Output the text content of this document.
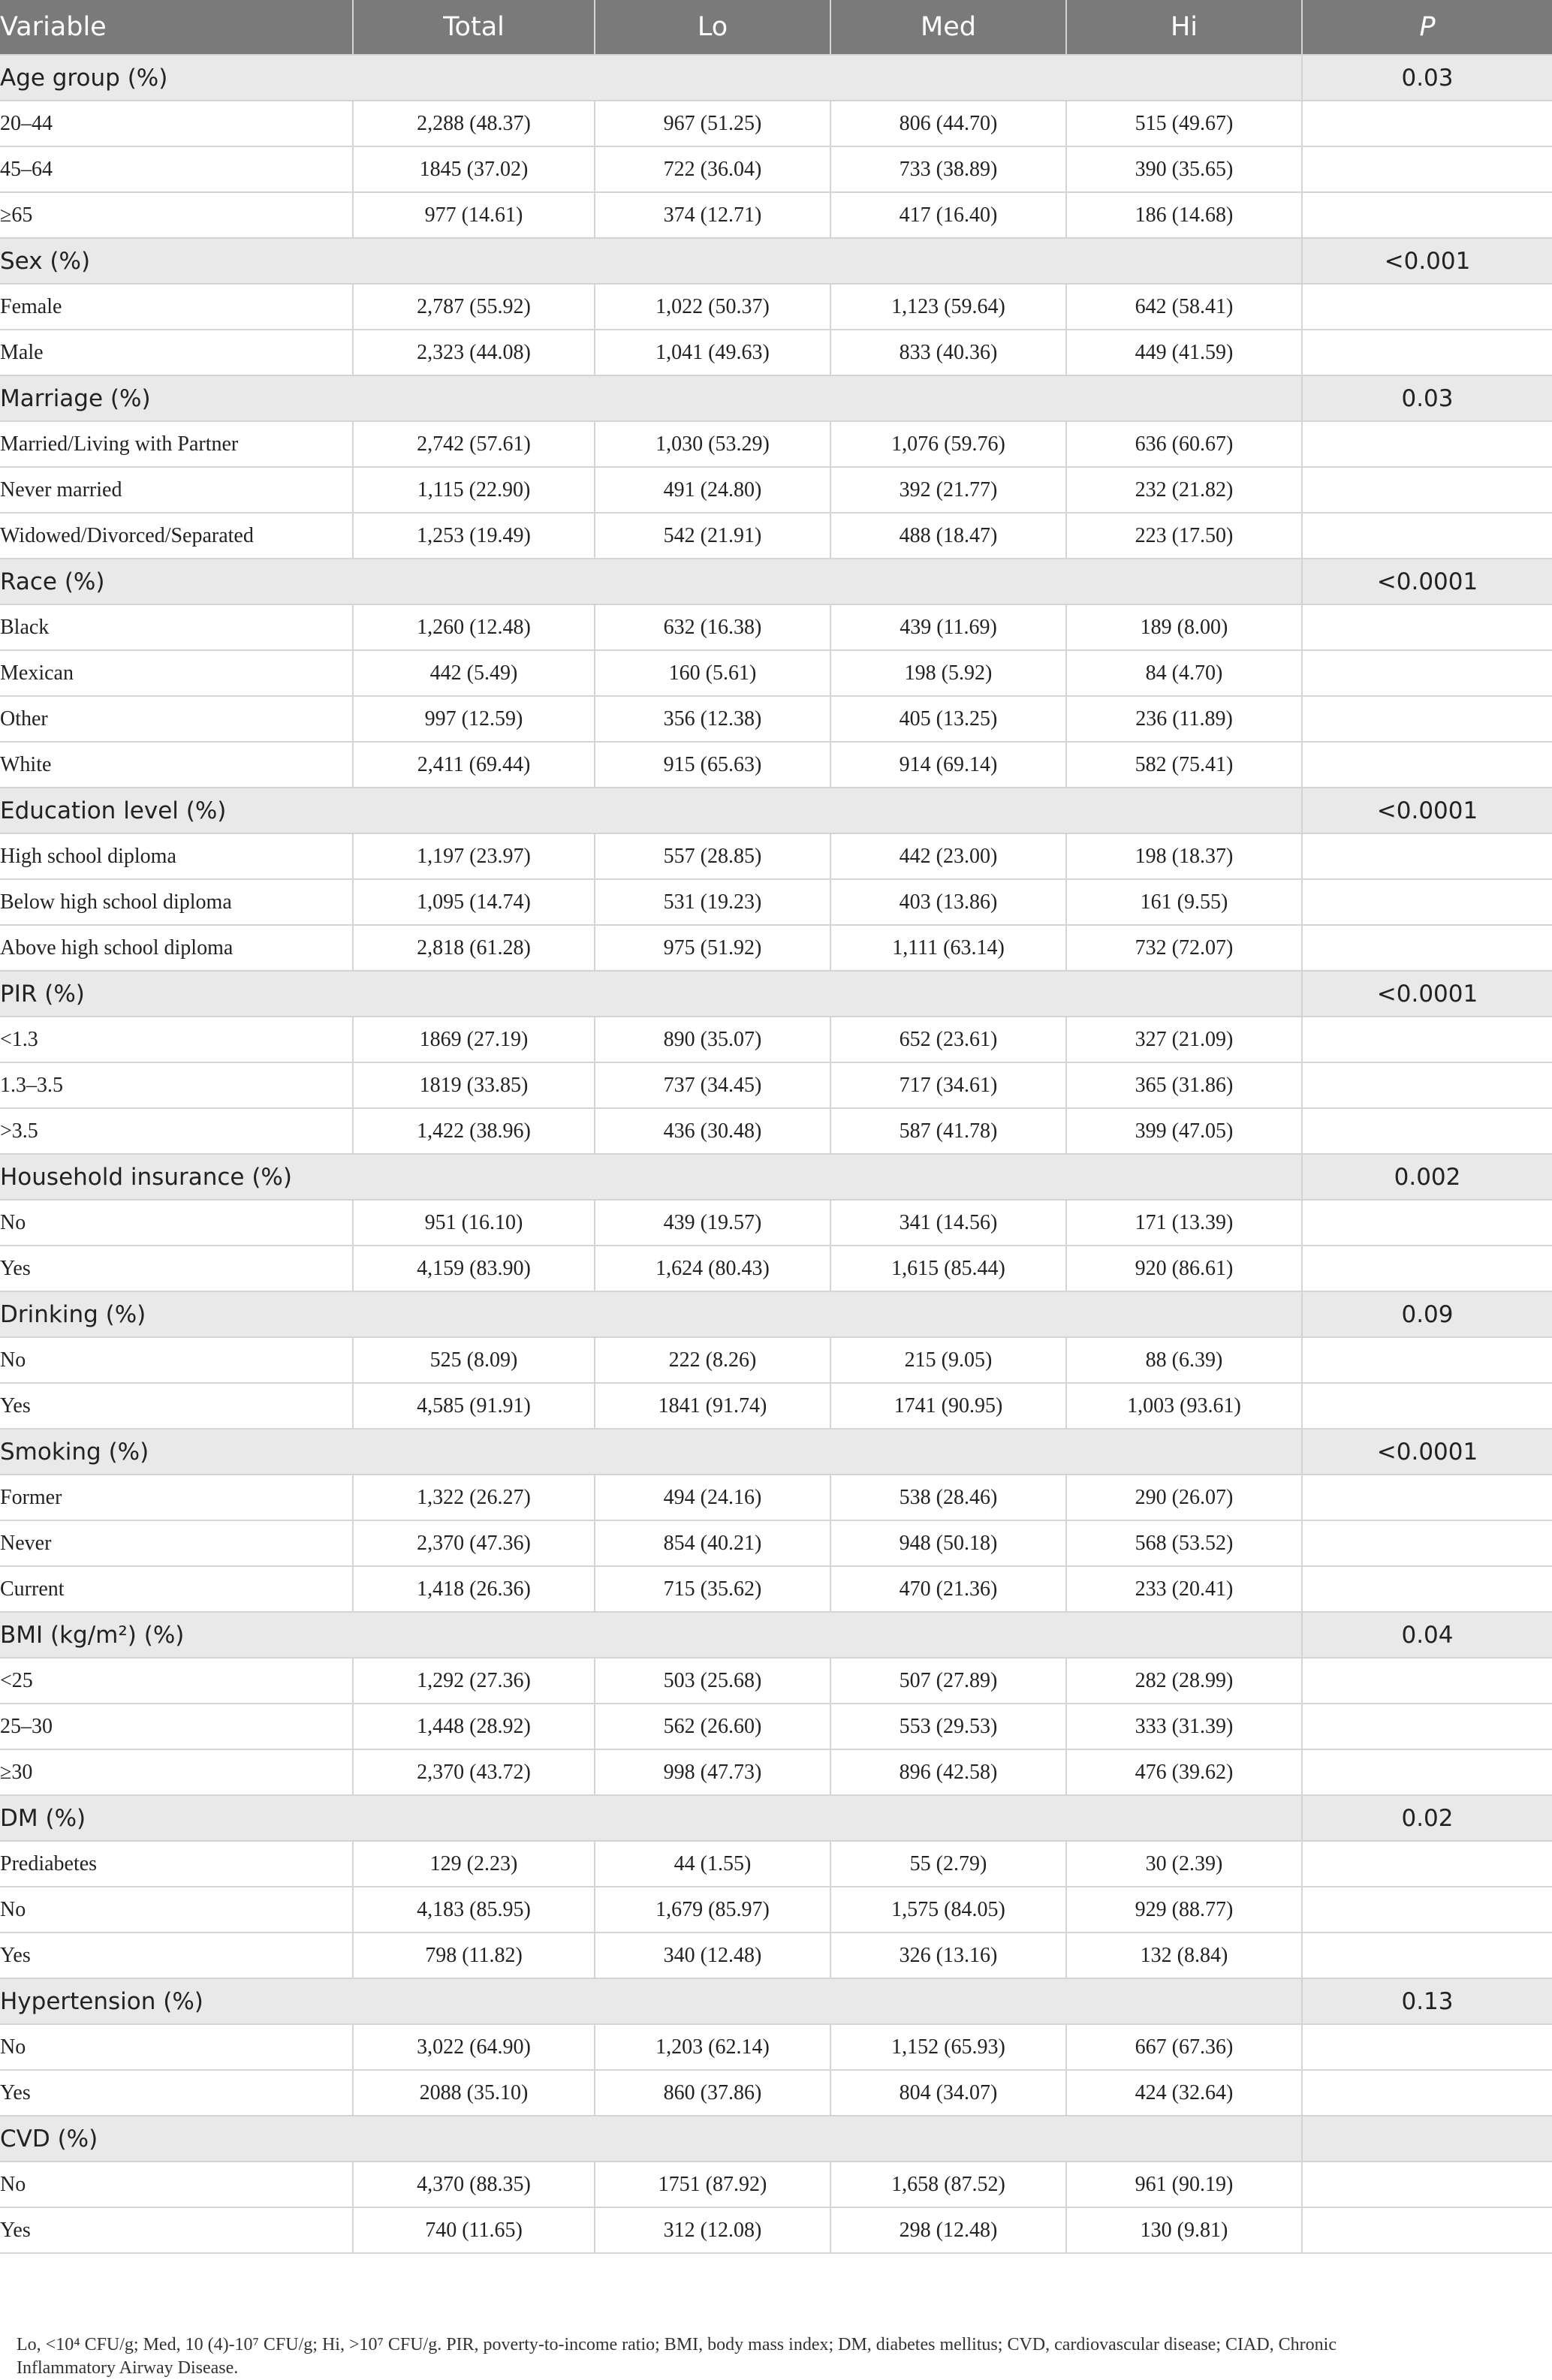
Variable	Total	Lo	Med	Hi	P
Age group (%)					0.03
20–44	2,288 (48.37)	967 (51.25)	806 (44.70)	515 (49.67)	
45–64	1845 (37.02)	722 (36.04)	733 (38.89)	390 (35.65)	
≥65	977 (14.61)	374 (12.71)	417 (16.40)	186 (14.68)	
Sex (%)					<0.001
Female	2,787 (55.92)	1,022 (50.37)	1,123 (59.64)	642 (58.41)	
Male	2,323 (44.08)	1,041 (49.63)	833 (40.36)	449 (41.59)	
Marriage (%)					0.03
Married/Living with Partner	2,742 (57.61)	1,030 (53.29)	1,076 (59.76)	636 (60.67)	
Never married	1,115 (22.90)	491 (24.80)	392 (21.77)	232 (21.82)	
Widowed/Divorced/Separated	1,253 (19.49)	542 (21.91)	488 (18.47)	223 (17.50)	
Race (%)					<0.0001
Black	1,260 (12.48)	632 (16.38)	439 (11.69)	189 (8.00)	
Mexican	442 (5.49)	160 (5.61)	198 (5.92)	84 (4.70)	
Other	997 (12.59)	356 (12.38)	405 (13.25)	236 (11.89)	
White	2,411 (69.44)	915 (65.63)	914 (69.14)	582 (75.41)	
Education level (%)					<0.0001
High school diploma	1,197 (23.97)	557 (28.85)	442 (23.00)	198 (18.37)	
Below high school diploma	1,095 (14.74)	531 (19.23)	403 (13.86)	161 (9.55)	
Above high school diploma	2,818 (61.28)	975 (51.92)	1,111 (63.14)	732 (72.07)	
PIR (%)					<0.0001
<1.3	1869 (27.19)	890 (35.07)	652 (23.61)	327 (21.09)	
1.3–3.5	1819 (33.85)	737 (34.45)	717 (34.61)	365 (31.86)	
>3.5	1,422 (38.96)	436 (30.48)	587 (41.78)	399 (47.05)	
Household insurance (%)					0.002
No	951 (16.10)	439 (19.57)	341 (14.56)	171 (13.39)	
Yes	4,159 (83.90)	1,624 (80.43)	1,615 (85.44)	920 (86.61)	
Drinking (%)					0.09
No	525 (8.09)	222 (8.26)	215 (9.05)	88 (6.39)	
Yes	4,585 (91.91)	1841 (91.74)	1741 (90.95)	1,003 (93.61)	
Smoking (%)					<0.0001
Former	1,322 (26.27)	494 (24.16)	538 (28.46)	290 (26.07)	
Never	2,370 (47.36)	854 (40.21)	948 (50.18)	568 (53.52)	
Current	1,418 (26.36)	715 (35.62)	470 (21.36)	233 (20.41)	
BMI (kg/m²) (%)					0.04
<25	1,292 (27.36)	503 (25.68)	507 (27.89)	282 (28.99)	
25–30	1,448 (28.92)	562 (26.60)	553 (29.53)	333 (31.39)	
≥30	2,370 (43.72)	998 (47.73)	896 (42.58)	476 (39.62)	
DM (%)					0.02
Prediabetes	129 (2.23)	44 (1.55)	55 (2.79)	30 (2.39)	
No	4,183 (85.95)	1,679 (85.97)	1,575 (84.05)	929 (88.77)	
Yes	798 (11.82)	340 (12.48)	326 (13.16)	132 (8.84)	
Hypertension (%)					0.13
No	3,022 (64.90)	1,203 (62.14)	1,152 (65.93)	667 (67.36)	
Yes	2088 (35.10)	860 (37.86)	804 (34.07)	424 (32.64)	
CVD (%)					
No	4,370 (88.35)	1751 (87.92)	1,658 (87.52)	961 (90.19)	
Yes	740 (11.65)	312 (12.08)	298 (12.48)	130 (9.81)	
Lo, <10⁴ CFU/g; Med, 10 (4)-10⁷ CFU/g; Hi, >10⁷ CFU/g. PIR, poverty-to-income ratio; BMI, body mass index; DM, diabetes mellitus; CVD, cardiovascular disease; CIAD, Chronic
Inflammatory Airway Disease.
